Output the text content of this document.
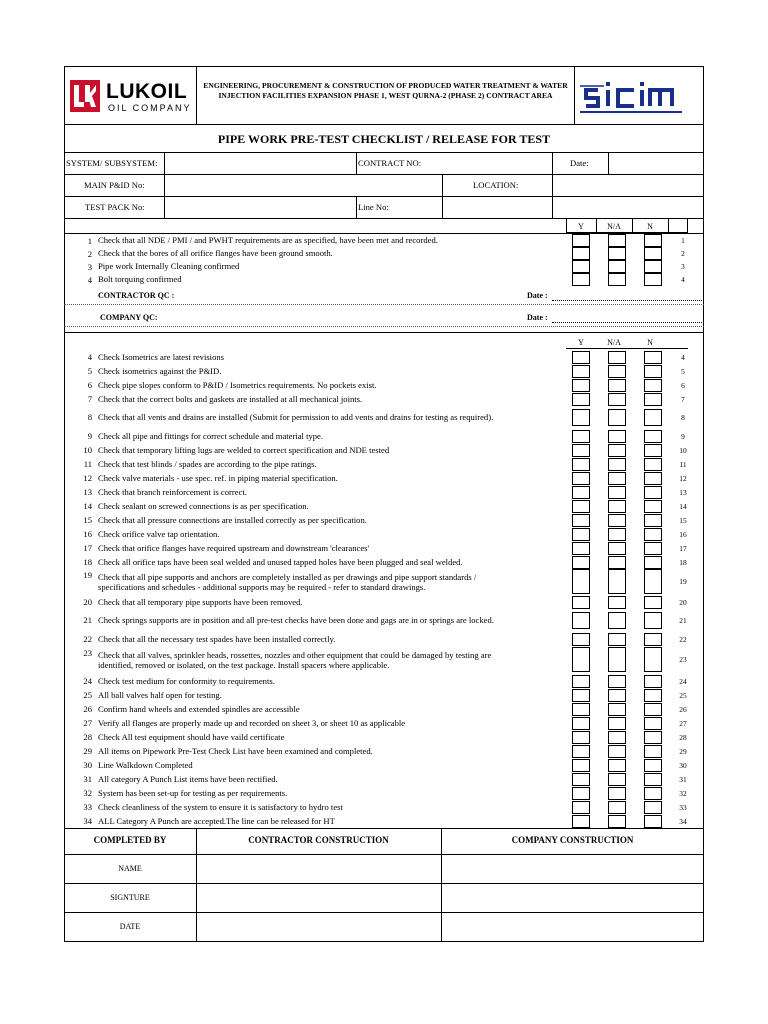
LUKOIL
OIL COMPANY
ENGINEERING, PROCUREMENT & CONSTRUCTION OF PRODUCED WATER TREATMENT & WATER INJECTION FACILITIES EXPANSION PHASE 1, WEST QURNA-2 (PHASE 2) CONTRACT AREA
PIPE WORK PRE-TEST CHECKLIST / RELEASE FOR TEST
SYSTEM/ SUBSYSTEM:	CONTRACT NO:	Date:
MAIN P&ID No:	LOCATION:
TEST PACK No:	Line No:
Y	N/A	N
1 Check that all NDE / PMI / and PWHT requirements are as specified, have been met and recorded.	1
2 Check that the bores of all orifice flanges have been ground smooth.	2
3 Pipe work Internally Cleaning confirmed	3
4 Bolt torquing confirmed	4
CONTRACTOR QC :	Date :
COMPANY QC:	Date :
Y	N/A	N
4 Check Isometrics are latest revisions	4
5 Check isometrics against the P&ID.	5
6 Check pipe slopes conform to P&ID / Isometrics requirements. No pockets exist.	6
7 Check that the correct bolts and gaskets are installed at all mechanical joints.	7
8 Check that all vents and drains are installed (Submit for permission to add vents and drains for testing as required).	8
9 Check all pipe and fittings for correct schedule and material type.	9
10 Check that temporary lifting lugs are welded to correct specification and NDE tested	10
11 Check that test blinds / spades are according to the pipe ratings.	11
12 Check valve materials - use spec. ref. in piping material specification.	12
13 Check that branch reinforcement is correct.	13
14 Check sealant on screwed connections is as per specification.	14
15 Check that all pressure connections are installed correctly as per specification.	15
16 Check orifice valve tap orientation.	16
17 Check that orifice flanges have required upstream and downstream 'clearances'	17
18 Check all orifice taps have been seal welded and unused tapped holes have been plugged and seal welded.	18
19 Check that all pipe supports and anchors are completely installed as per drawings and pipe support standards /
specifications and schedules - additional supports may be required - refer to standard drawings.
19
20 Check that all temporary pipe supports have been removed.	20
21 Check springs supports are in position and all pre-test checks have been done and gags are in or springs are locked.	21
22 Check that all the necessary test spades have been installed correctly.	22
23 Check that all valves, sprinkler heads, rossettes, nozzles and other equipment that could be damaged by testing are
identified, removed or isolated, on the test package. Install spacers where applicable.
23
24 Check test medium for conformity to requirements.	24
25 All ball valves half open for testing.	25
26 Confirm hand wheels and extended spindles are accessible	26
27 Verify all flanges are properly made up and recorded on sheet 3, or sheet 10 as applicable	27
28 Check All test equipment should have vaild certificate	28
29 All items on Pipework Pre-Test Check List have been examined and completed.	29
30 Line Walkdown Completed	30
31 All category A Punch List items have been rectified.	31
32 System has been set-up for testing as per requirements.	32
33 Check cleanliness of the system to ensure it is satisfactory to hydro test	33
34 ALL Category A Punch are accepted.The line can be released for HT	34
COMPLETED BY	CONTRACTOR CONSTRUCTION	COMPANY CONSTRUCTION
NAME
SIGNTURE
DATE
